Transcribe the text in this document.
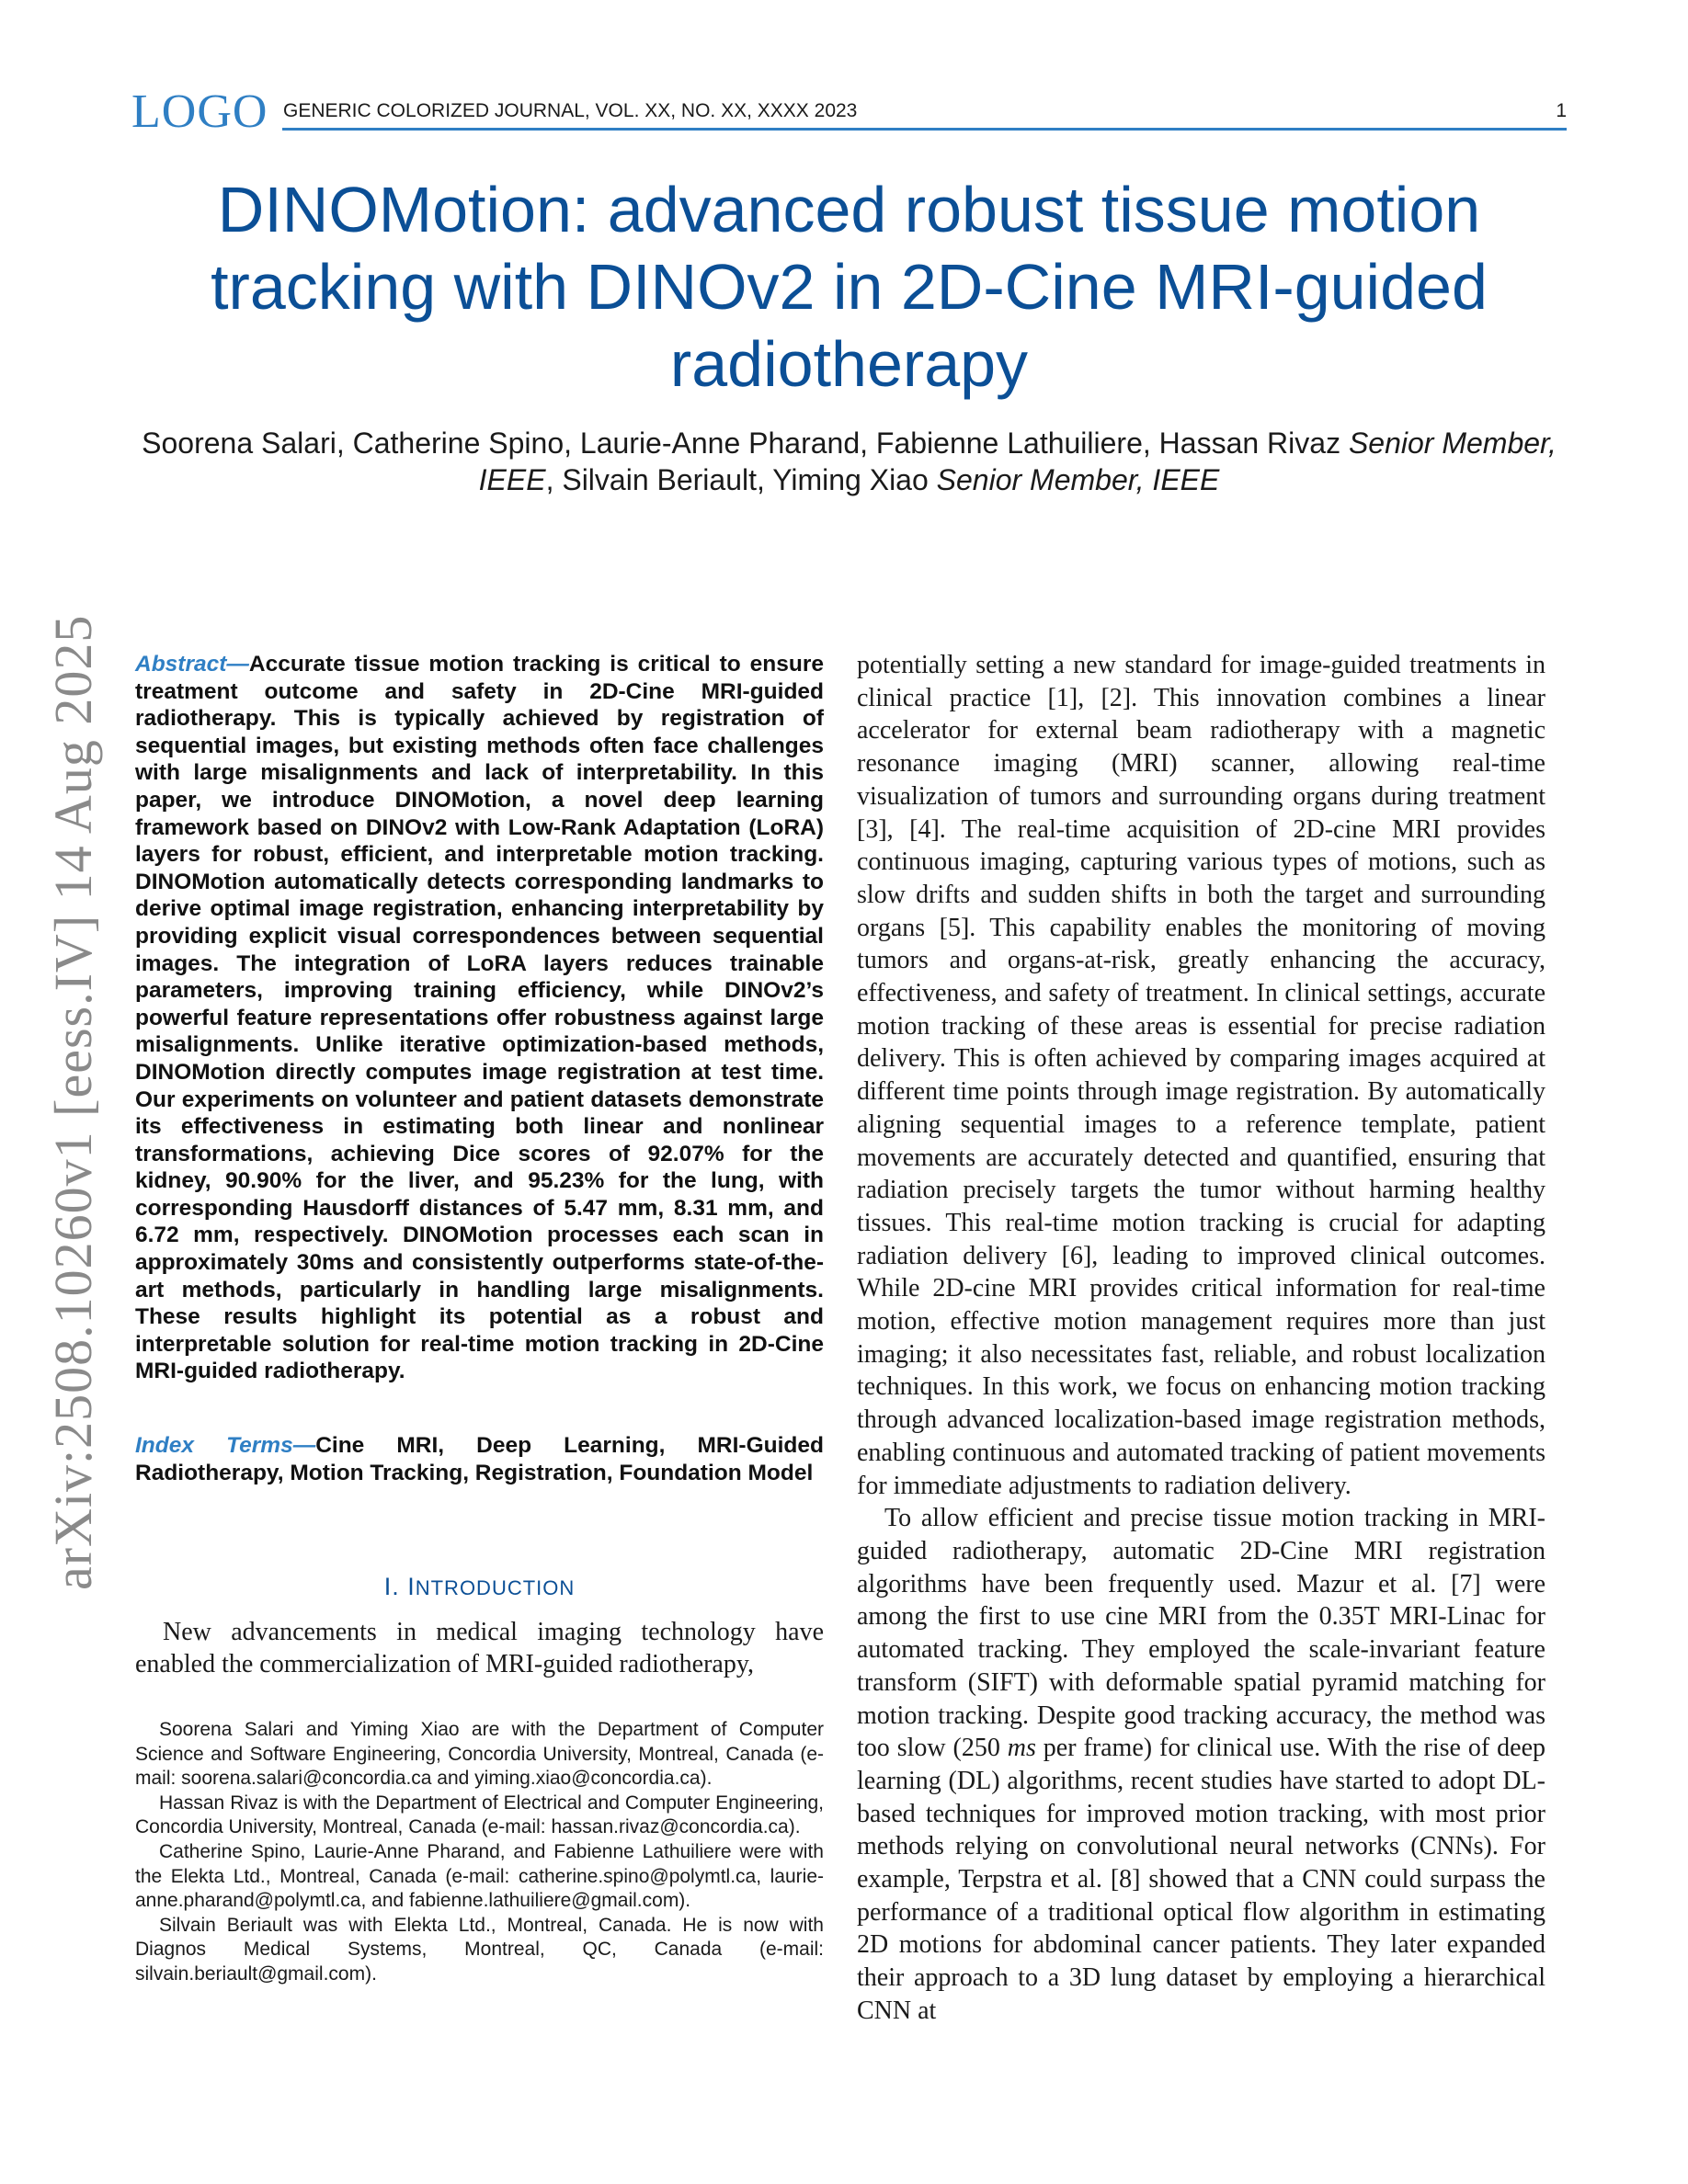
LOGO GENERIC COLORIZED JOURNAL, VOL. XX, NO. XX, XXXX 2023	1
DINOMotion: advanced robust tissue motion tracking with DINOv2 in 2D-Cine MRI-guided radiotherapy
Soorena Salari, Catherine Spino, Laurie-Anne Pharand, Fabienne Lathuiliere, Hassan Rivaz Senior Member, IEEE, Silvain Beriault, Yiming Xiao Senior Member, IEEE
arXiv:2508.10260v1 [eess.IV] 14 Aug 2025 Abstract—Accurate tissue motion tracking is critical to ensure treatment outcome and safety in 2D-Cine MRI-guided radiotherapy. This is typically achieved by registration of sequential images, but existing methods often face challenges with large misalignments and lack of interpretability. In this paper, we introduce DINOMotion, a novel deep learning framework based on DINOv2 with Low-Rank Adaptation (LoRA) layers for robust, efficient, and interpretable motion tracking. DINOMotion automatically detects corresponding landmarks to derive optimal image registration, enhancing interpretability by providing explicit visual correspondences between sequential images. The integration of LoRA layers reduces trainable parameters, improving training efficiency, while DINOv2’s powerful feature representations offer robustness against large misalignments. Unlike iterative optimization-based methods, DINOMotion directly computes image registration at test time. Our experiments on volunteer and patient datasets demonstrate its effectiveness in estimating both linear and nonlinear transformations, achieving Dice scores of 92.07% for the kidney, 90.90% for the liver, and 95.23% for the lung, with corresponding Hausdorff distances of 5.47 mm, 8.31 mm, and 6.72 mm, respectively. DINOMotion processes each scan in approximately 30ms and consistently outperforms state-of-the-art methods, particularly in handling large misalignments. These results highlight its potential as a robust and interpretable solution for real-time motion tracking in 2D-Cine MRI-guided radiotherapy.
Index Terms—Cine MRI, Deep Learning, MRI-Guided Radiotherapy, Motion Tracking, Registration, Foundation Model
I. INTRODUCTION
New advancements in medical imaging technology have enabled the commercialization of MRI-guided radiotherapy,

Soorena Salari and Yiming Xiao are with the Department of Computer Science and Software Engineering, Concordia University, Montreal, Canada (e-mail: soorena.salari@concordia.ca and yiming.xiao@concordia.ca).

Hassan Rivaz is with the Department of Electrical and Computer Engineering, Concordia University, Montreal, Canada (e-mail: hassan.rivaz@concordia.ca).

Catherine Spino, Laurie-Anne Pharand, and Fabienne Lathuiliere were with the Elekta Ltd., Montreal, Canada (e-mail: catherine.spino@polymtl.ca, laurie-anne.pharand@polymtl.ca, and fabienne.lathuiliere@gmail.com).

Silvain Beriault was with Elekta Ltd., Montreal, Canada. He is now with Diagnos Medical Systems, Montreal, QC, Canada (e-mail: silvain.beriault@gmail.com).

potentially setting a new standard for image-guided treatments in clinical practice [1], [2]. This innovation combines a linear accelerator for external beam radiotherapy with a magnetic resonance imaging (MRI) scanner, allowing real-time visualization of tumors and surrounding organs during treatment [3], [4]. The real-time acquisition of 2D-cine MRI provides continuous imaging, capturing various types of motions, such as slow drifts and sudden shifts in both the target and surrounding organs [5]. This capability enables the monitoring of moving tumors and organs-at-risk, greatly enhancing the accuracy, effectiveness, and safety of treatment. In clinical settings, accurate motion tracking of these areas is essential for precise radiation delivery. This is often achieved by comparing images acquired at different time points through image registration. By automatically aligning sequential images to a reference template, patient movements are accurately detected and quantified, ensuring that radiation precisely targets the tumor without harming healthy tissues. This real-time motion tracking is crucial for adapting radiation delivery [6], leading to improved clinical outcomes. While 2D-cine MRI provides critical information for real-time motion, effective motion management requires more than just imaging; it also necessitates fast, reliable, and robust localization techniques. In this work, we focus on enhancing motion tracking through advanced localization-based image registration methods, enabling continuous and automated tracking of patient movements for immediate adjustments to radiation delivery.

To allow efficient and precise tissue motion tracking in MRI-guided radiotherapy, automatic 2D-Cine MRI registration algorithms have been frequently used. Mazur et al. [7] were among the first to use cine MRI from the 0.35T MRI-Linac for automated tracking. They employed the scale-invariant feature transform (SIFT) with deformable spatial pyramid matching for motion tracking. Despite good tracking accuracy, the method was too slow (250 ms per frame) for clinical use. With the rise of deep learning (DL) algorithms, recent studies have started to adopt DL-based techniques for improved motion tracking, with most prior methods relying on convolutional neural networks (CNNs). For example, Terpstra et al. [8] showed that a CNN could surpass the performance of a traditional optical flow algorithm in estimating 2D motions for abdominal cancer patients. They later expanded their approach to a 3D lung dataset by employing a hierarchical CNN at
